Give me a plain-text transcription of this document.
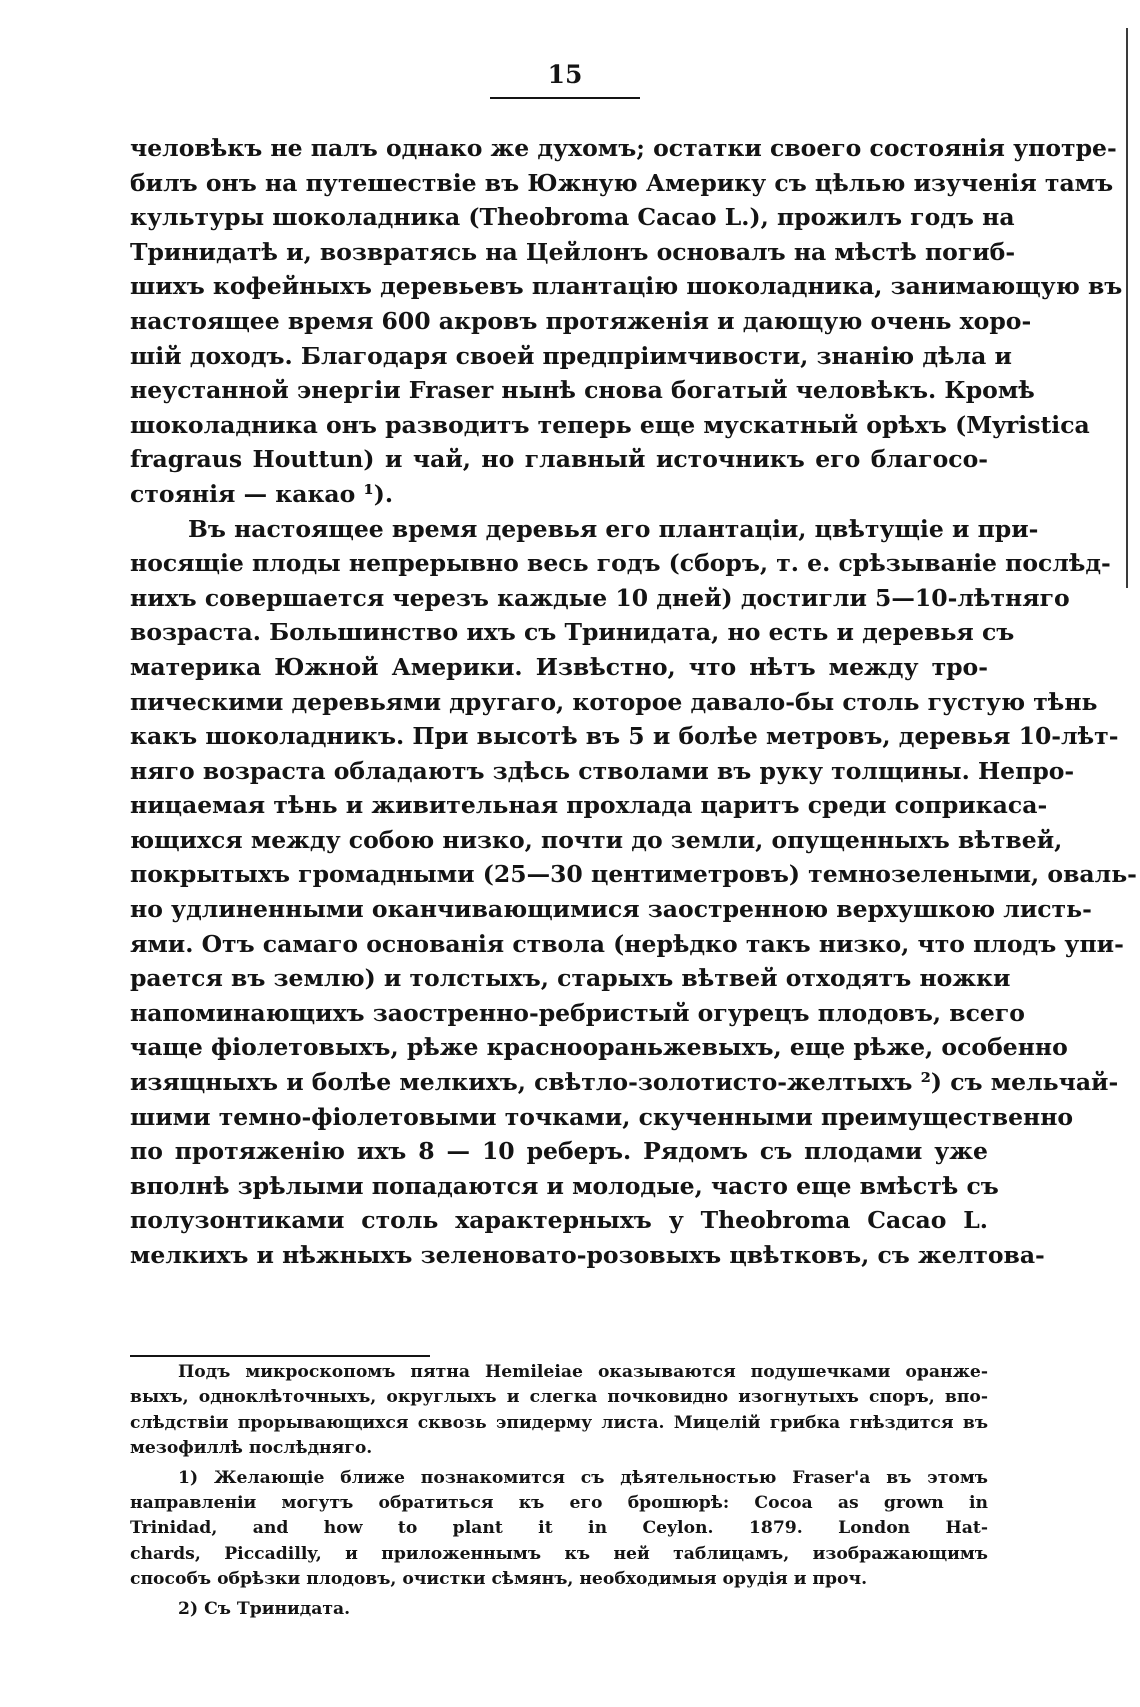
15
человѣкъ не палъ однако же духомъ; остатки своего состоянія употре-
билъ онъ на путешествіе въ Южную Америку съ цѣлью изученія тамъ
культуры шоколадника (Theobroma Cacao L.), прожилъ годъ на
Тринидатѣ и, возвратясь на Цейлонъ основалъ на мѣстѣ погиб-
шихъ кофейныхъ деревьевъ плантацію шоколадника, занимающую въ
настоящее время 600 акровъ протяженія и дающую очень хоро-
шій доходъ. Благодаря своей предпріимчивости, знанію дѣла и
неустанной энергіи Fraser нынѣ снова богатый человѣкъ. Кромѣ
шоколадника онъ разводитъ теперь еще мускатный орѣхъ (Myristica
fragraus Houttun) и чай, но главный источникъ его благосо-
стоянія — какао ¹).
Въ настоящее время деревья его плантаціи, цвѣтущіе и при-
носящіе плоды непрерывно весь годъ (сборъ, т. е. срѣзываніе послѣд-
нихъ совершается черезъ каждые 10 дней) достигли 5—10-лѣтняго
возраста. Большинство ихъ съ Тринидата, но есть и деревья съ
материка Южной Америки. Извѣстно, что нѣтъ между тро-
пическими деревьями другаго, которое давало-бы столь густую тѣнь
какъ шоколадникъ. При высотѣ въ 5 и болѣе метровъ, деревья 10-лѣт-
няго возраста обладаютъ здѣсь стволами въ руку толщины. Непро-
ницаемая тѣнь и живительная прохлада царитъ среди соприкаса-
ющихся между собою низко, почти до земли, опущенныхъ вѣтвей,
покрытыхъ громадными (25—30 центиметровъ) темнозелеными, оваль-
но удлиненными оканчивающимися заостренною верхушкою листь-
ями. Отъ самаго основанія ствола (нерѣдко такъ низко, что плодъ упи-
рается въ землю) и толстыхъ, старыхъ вѣтвей отходятъ ножки
напоминающихъ заостренно-ребристый огурецъ плодовъ, всего
чаще фіолетовыхъ, рѣже красноораньжевыхъ, еще рѣже, особенно
изящныхъ и болѣе мелкихъ, свѣтло-золотисто-желтыхъ ²) съ мельчай-
шими темно-фіолетовыми точками, скученными преимущественно
по протяженію ихъ 8 — 10 реберъ. Рядомъ съ плодами уже
вполнѣ зрѣлыми попадаются и молодые, часто еще вмѣстѣ съ
полузонтиками столь характерныхъ у Theobroma Cacao L.
мелкихъ и нѣжныхъ зеленовато-розовыхъ цвѣтковъ, съ желтова-
Подъ микроскопомъ пятна Hemileiae оказываются подушечками оранже-
выхъ, одноклѣточныхъ, округлыхъ и слегка почковидно изогнутыхъ споръ, впо-
слѣдствіи прорывающихся сквозь эпидерму листа. Мицелій грибка гнѣздится въ
мезофиллѣ послѣдняго.
1) Желающіе ближе познакомится съ дѣятельностью Fraser'а въ этомъ
направленіи могутъ обратиться къ его брошюрѣ: Cocoa as grown in
Trinidad, and how to plant it in Ceylon. 1879. London Hat-
chards, Piccadilly, и приложеннымъ къ ней таблицамъ, изображающимъ
способъ обрѣзки плодовъ, очистки сѣмянъ, необходимыя орудія и проч.
2) Съ Тринидата.
